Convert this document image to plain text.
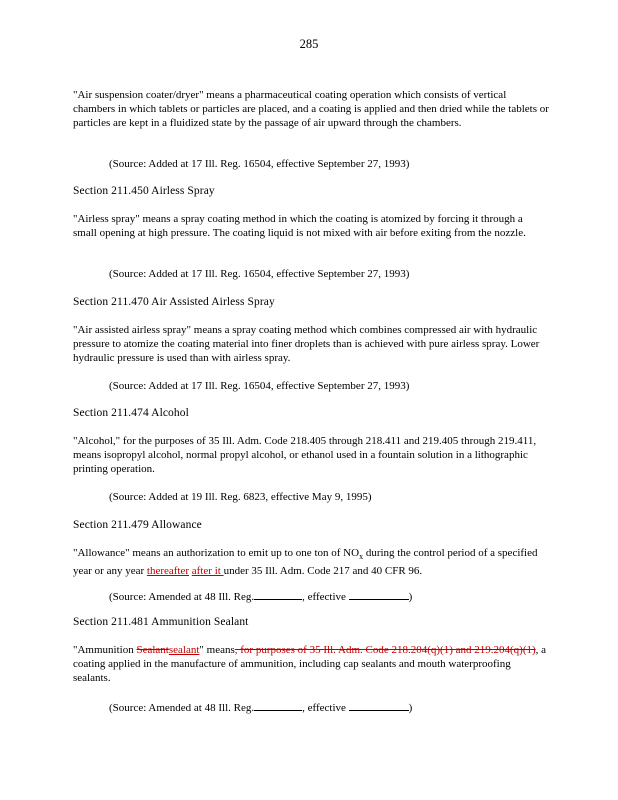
285

"Air suspension coater/dryer" means a pharmaceutical coating operation which consists of vertical chambers in which tablets or particles are placed, and a coating is applied and then dried while the tablets or particles are kept in a fluidized state by the passage of air upward through the chambers.

(Source: Added at 17 Ill. Reg. 16504, effective September 27, 1993)

Section 211.450 Airless Spray

"Airless spray" means a spray coating method in which the coating is atomized by forcing it through a small opening at high pressure. The coating liquid is not mixed with air before exiting from the nozzle.

(Source: Added at 17 Ill. Reg. 16504, effective September 27, 1993)

Section 211.470 Air Assisted Airless Spray

"Air assisted airless spray" means a spray coating method which combines compressed air with hydraulic pressure to atomize the coating material into finer droplets than is achieved with pure airless spray. Lower hydraulic pressure is used than with airless spray.

(Source: Added at 17 Ill. Reg. 16504, effective September 27, 1993)

Section 211.474 Alcohol

"Alcohol," for the purposes of 35 Ill. Adm. Code 218.405 through 218.411 and 219.405 through 219.411, means isopropyl alcohol, normal propyl alcohol, or ethanol used in a fountain solution in a lithographic printing operation.

(Source: Added at 19 Ill. Reg. 6823, effective May 9, 1995)

Section 211.479 Allowance

"Allowance" means an authorization to emit up to one ton of $NO_x$ during the control period of a specified year or any year thereafter after it under 35 Ill. Adm. Code 217 and 40 CFR 96.

(Source: Amended at 48 Ill. Reg.	, effective	)

Section 211.481 Ammunition Sealant

"Ammunition Sealantsealant" means, for purposes of 35 Ill. Adm. Code 218.204(q)(1) and 219.204(q)(1), a coating applied in the manufacture of ammunition, including cap sealants and mouth waterproofing sealants.

(Source: Amended at 48 Ill. Reg.	, effective	)
